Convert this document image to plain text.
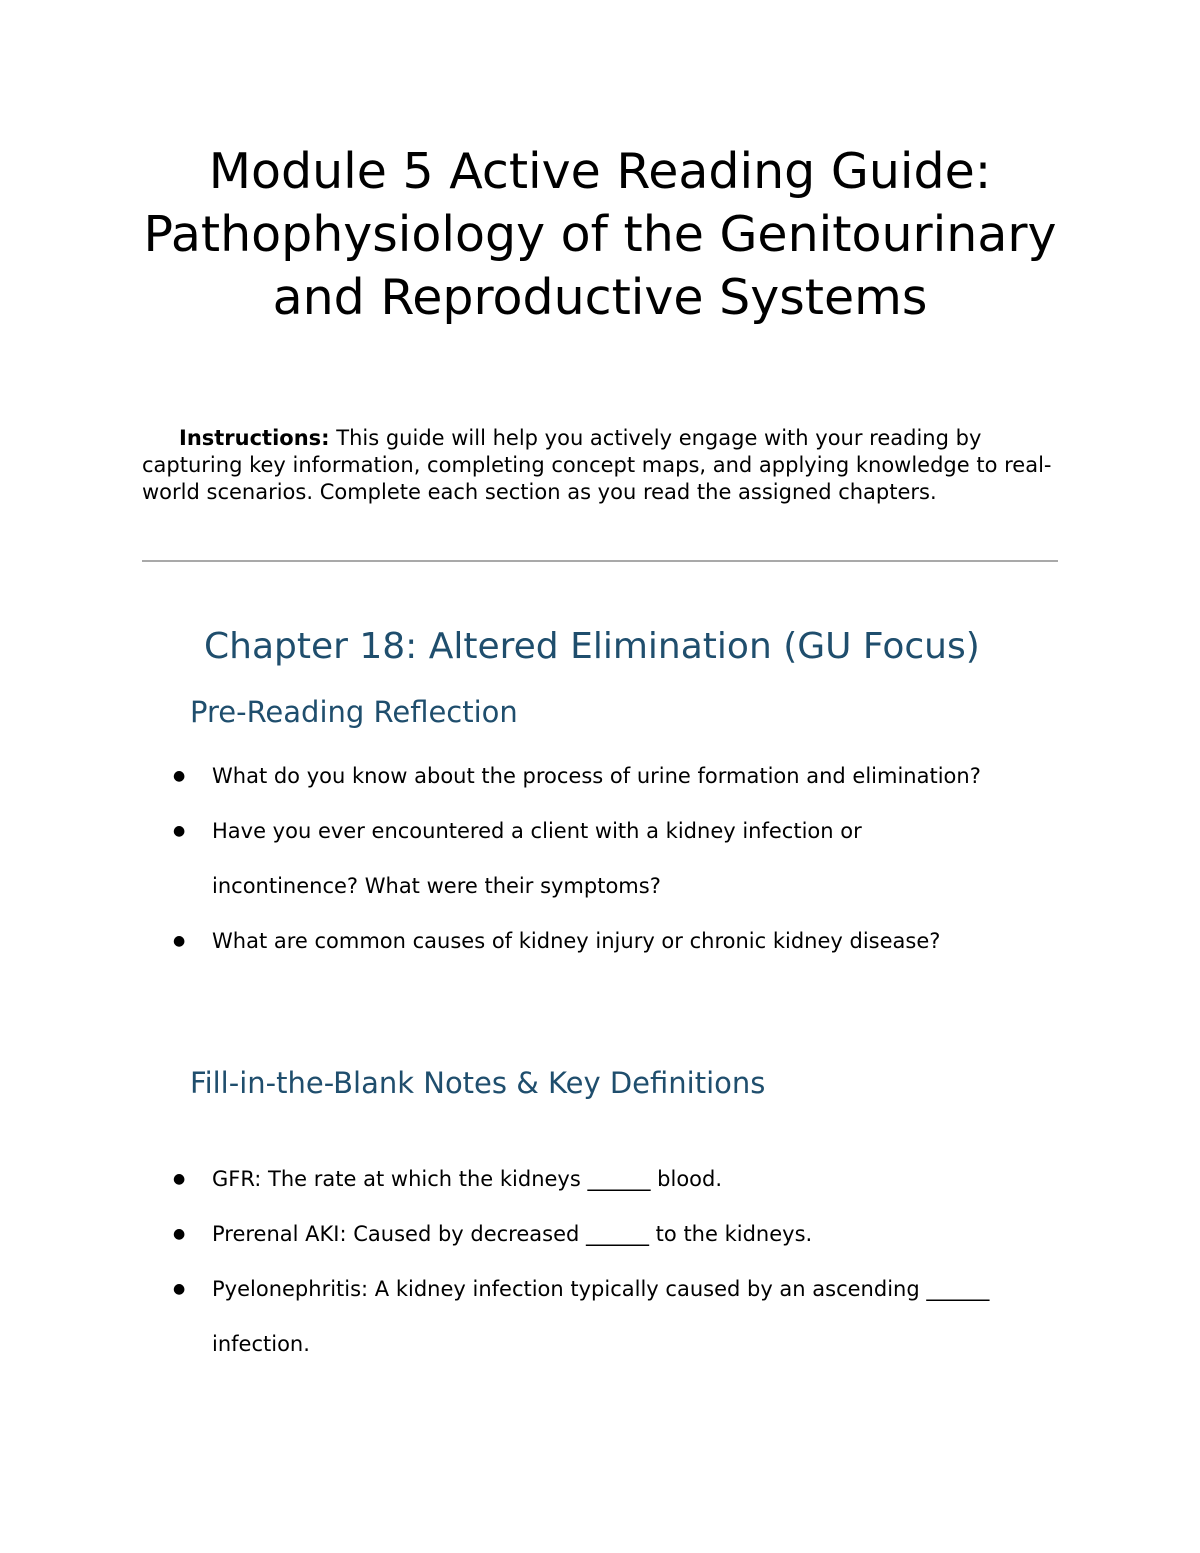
Module 5 Active Reading Guide: Pathophysiology of the Genitourinary and Reproductive Systems

Instructions: This guide will help you actively engage with your reading by capturing key information, completing concept maps, and applying knowledge to real-world scenarios. Complete each section as you read the assigned chapters.

Chapter 18: Altered Elimination (GU Focus)
Pre-Reading Reflection
● What do you know about the process of urine formation and elimination?
● Have you ever encountered a client with a kidney infection or incontinence? What were their symptoms?
● What are common causes of kidney injury or chronic kidney disease?
Fill-in-the-Blank Notes & Key Definitions
● GFR: The rate at which the kidneys ______ blood.
● Prerenal AKI: Caused by decreased ______ to the kidneys.
● Pyelonephritis: A kidney infection typically caused by an ascending ______ infection.
